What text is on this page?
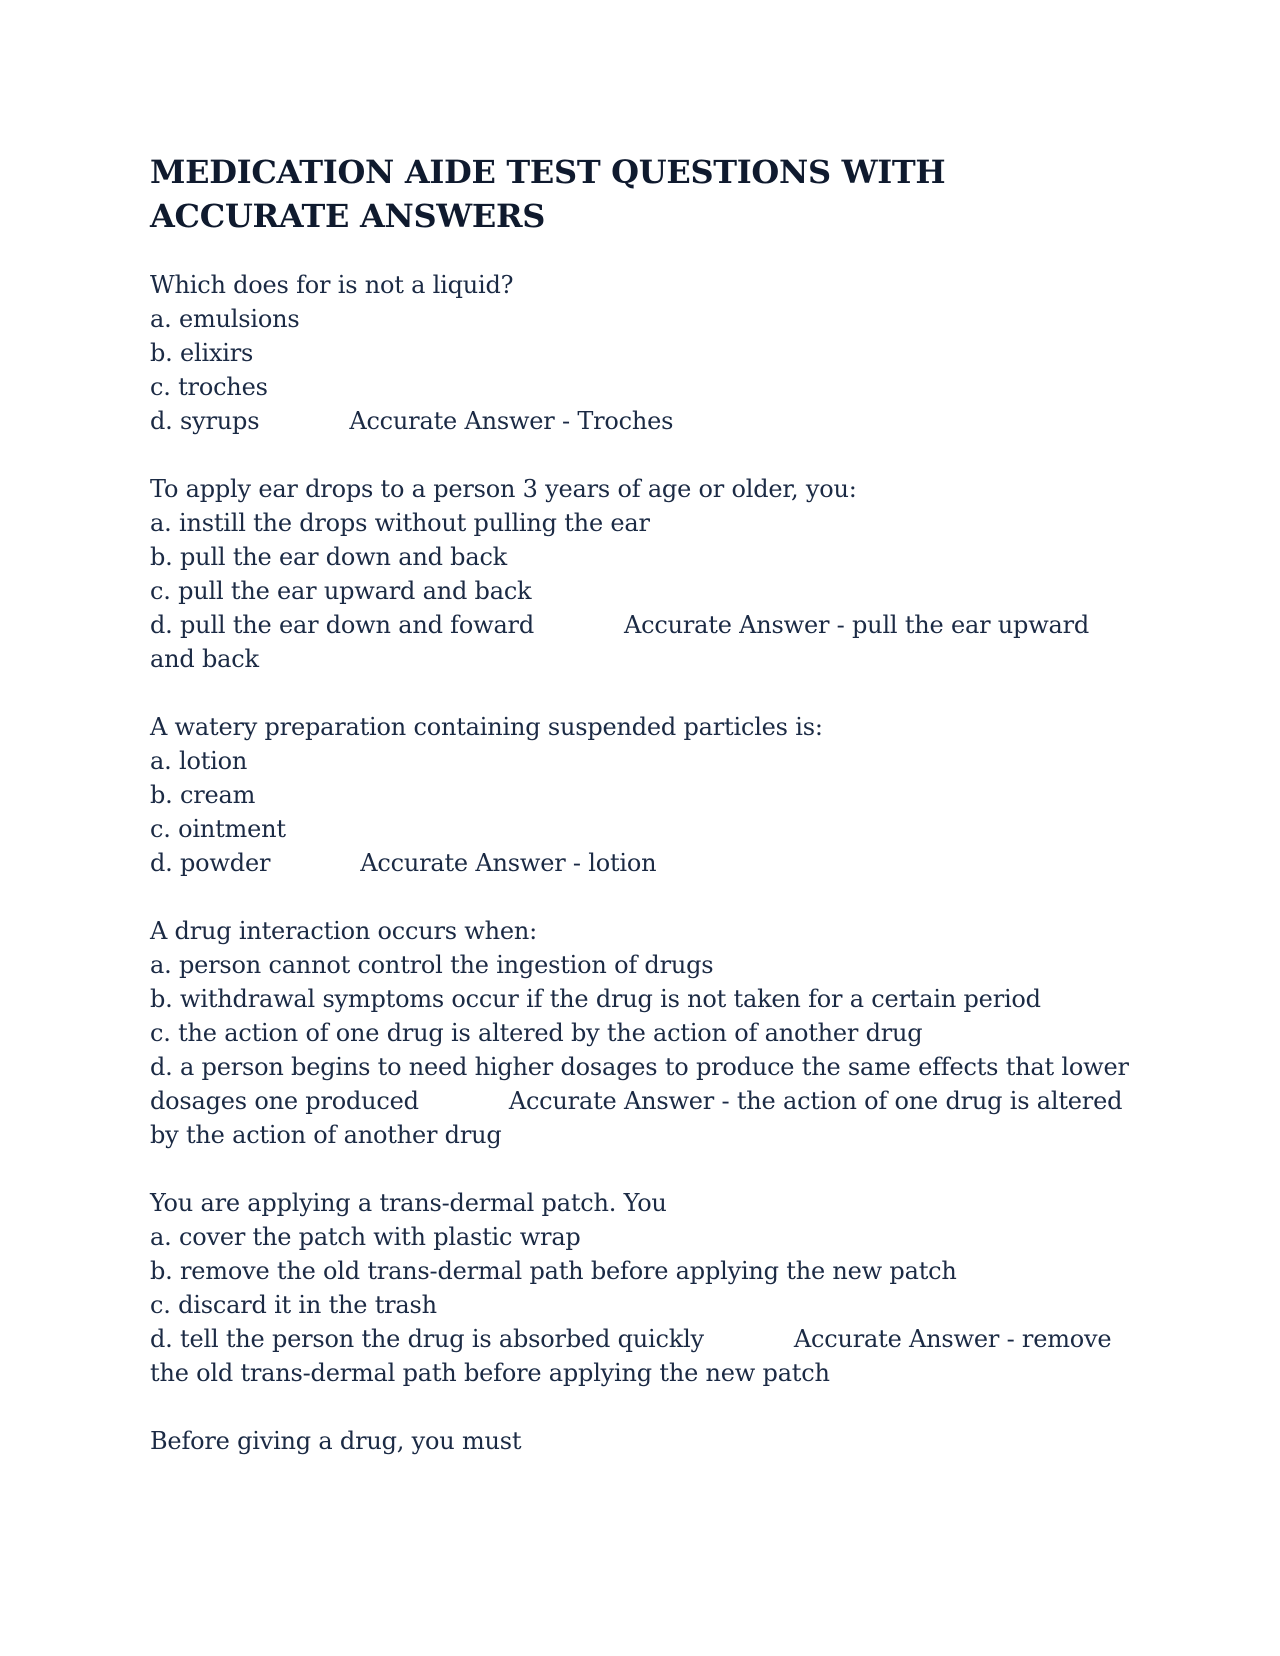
MEDICATION AIDE TEST QUESTIONS WITH ACCURATE ANSWERS

Which does for is not a liquid?

a. emulsions

b. elixirs

c. troches

d. syrups	Accurate Answer - Troches

To apply ear drops to a person 3 years of age or older, you:

a. instill the drops without pulling the ear

b. pull the ear down and back

c. pull the ear upward and back

d. pull the ear down and foward	Accurate Answer - pull the ear upward and back

A watery preparation containing suspended particles is:

a. lotion

b. cream

c. ointment

d. powder	Accurate Answer - lotion

A drug interaction occurs when:

a. person cannot control the ingestion of drugs

b. withdrawal symptoms occur if the drug is not taken for a certain period

c. the action of one drug is altered by the action of another drug

d. a person begins to need higher dosages to produce the same effects that lower dosages one produced	Accurate Answer - the action of one drug is altered by the action of another drug

You are applying a trans-dermal patch. You

a. cover the patch with plastic wrap

b. remove the old trans-dermal path before applying the new patch

c. discard it in the trash

d. tell the person the drug is absorbed quickly	Accurate Answer - remove the old trans-dermal path before applying the new patch

Before giving a drug, you must
